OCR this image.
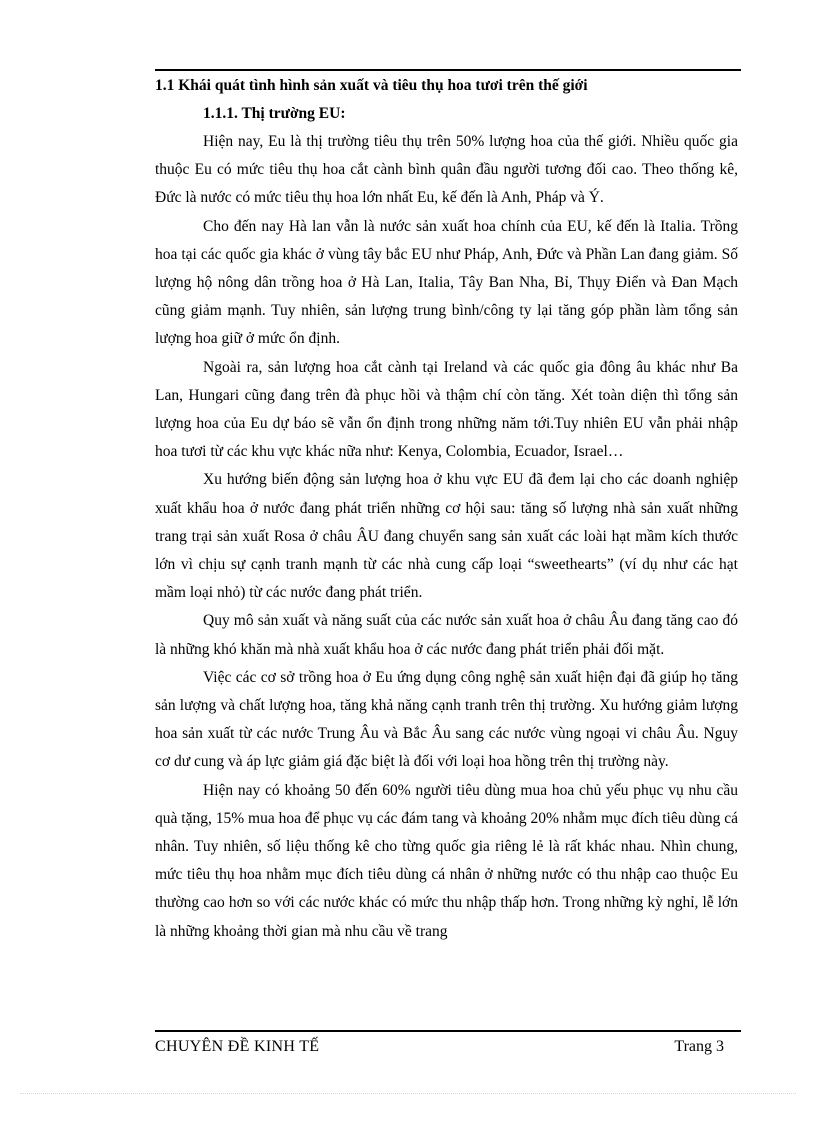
1.1 Khái quát tình hình sản xuất và tiêu thụ hoa tươi trên thế giới

1.1.1. Thị trường EU:

Hiện nay, Eu là thị trường tiêu thụ trên 50% lượng hoa của thế giới. Nhiều quốc gia thuộc Eu có mức tiêu thụ hoa cắt cành bình quân đầu người tương đối cao. Theo thống kê, Đức là nước có mức tiêu thụ hoa lớn nhất Eu, kế đến là Anh, Pháp và Ý.

Cho đến nay Hà lan vẫn là nước sản xuất hoa chính của EU, kế đến là Italia. Trồng hoa tại các quốc gia khác ở vùng tây bắc EU như Pháp, Anh, Đức và Phần Lan đang giảm. Số lượng hộ nông dân trồng hoa ở Hà Lan, Italia, Tây Ban Nha, Bỉ, Thụy Điển và Đan Mạch cũng giảm mạnh. Tuy nhiên, sản lượng trung bình/công ty lại tăng góp phần làm tổng sản lượng hoa giữ ở mức ổn định.

Ngoài ra, sản lượng hoa cắt cành tại Ireland và các quốc gia đông âu khác như Ba Lan, Hungari cũng đang trên đà phục hồi và thậm chí còn tăng. Xét toàn diện thì tổng sản lượng hoa của Eu dự báo sẽ vẫn ổn định trong những năm tới.Tuy nhiên EU vẫn phải nhập hoa tươi từ các khu vực khác nữa như: Kenya, Colombia, Ecuador, Israel…

Xu hướng biến động sản lượng hoa ở khu vực EU đã đem lại cho các doanh nghiệp xuất khẩu hoa ở nước đang phát triển những cơ hội sau: tăng số lượng nhà sản xuất những trang trại sản xuất Rosa ở châu ÂU đang chuyển sang sản xuất các loài hạt mầm kích thước lớn vì chịu sự cạnh tranh mạnh từ các nhà cung cấp loại “sweethearts” (ví dụ như các hạt mầm loại nhỏ) từ các nước đang phát triển.

Quy mô sản xuất và năng suất của các nước sản xuất hoa ở châu Âu đang tăng cao đó là những khó khăn mà nhà xuất khẩu hoa ở các nước đang phát triển phải đối mặt.

Việc các cơ sở trồng hoa ở Eu ứng dụng công nghệ sản xuất hiện đại đã giúp họ tăng sản lượng và chất lượng hoa, tăng khả năng cạnh tranh trên thị trường. Xu hướng giảm lượng hoa sản xuất từ các nước Trung Âu và Bắc Âu sang các nước vùng ngoại vi châu Âu. Nguy cơ dư cung và áp lực giảm giá đặc biệt là đối với loại hoa hồng trên thị trường này.

Hiện nay có khoảng 50 đến 60% người tiêu dùng mua hoa chủ yếu phục vụ nhu cầu quà tặng, 15% mua hoa để phục vụ các đám tang và khoảng 20% nhằm mục đích tiêu dùng cá nhân. Tuy nhiên, số liệu thống kê cho từng quốc gia riêng lẻ là rất khác nhau. Nhìn chung, mức tiêu thụ hoa nhằm mục đích tiêu dùng cá nhân ở những nước có thu nhập cao thuộc Eu thường cao hơn so với các nước khác có mức thu nhập thấp hơn. Trong những kỳ nghỉ, lễ lớn là những khoảng thời gian mà nhu cầu về trang

CHUYÊN ĐỀ KINH TẾ	Trang 3
